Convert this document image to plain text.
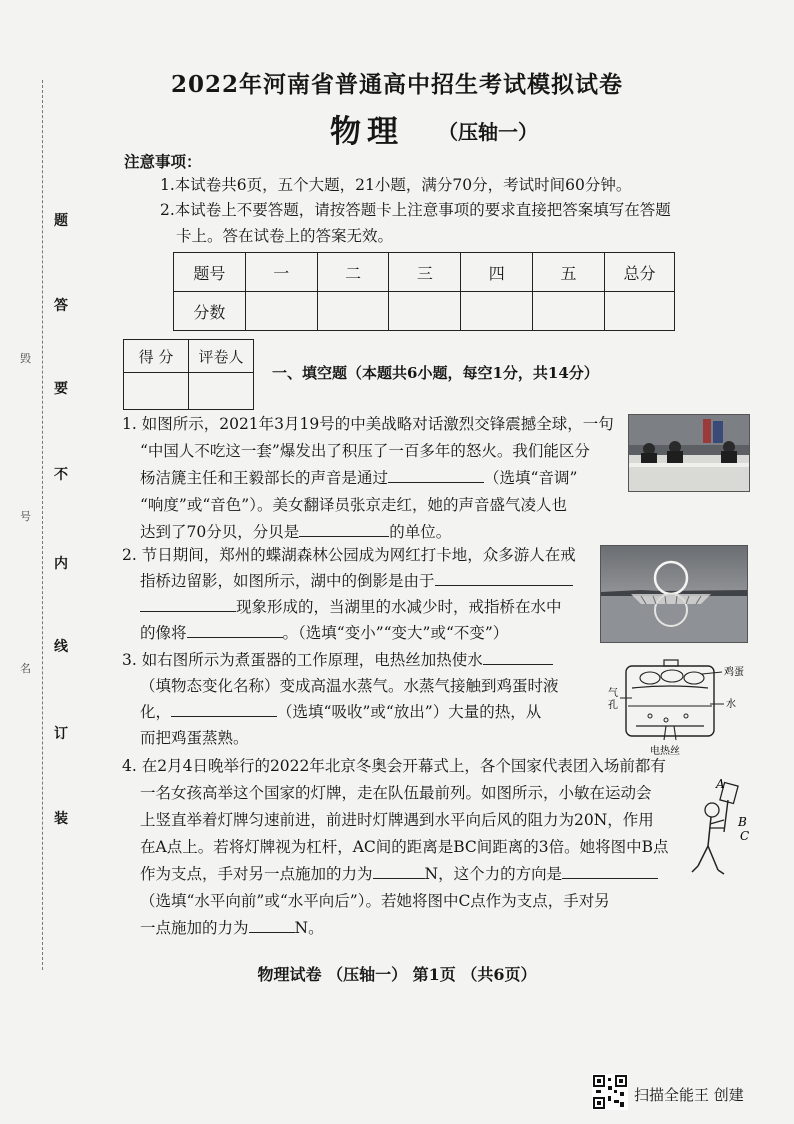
题
答
要
不
内
线
订
装
毁
号
名
2022年河南省普通高中招生考试模拟试卷
物理 （压轴一）
注意事项：
1.本试卷共6页，五个大题，21小题，满分70分，考试时间60分钟。
2.本试卷上不要答题，请按答题卡上注意事项的要求直接把答案填写在答题
卡上。答在试卷上的答案无效。
题号	一	二	三	四	五	总分
分数						
得 分	评卷人

一、填空题（本题共6小题，每空1分，共14分）
1. 如图所示，2021年3月19号的中美战略对话激烈交锋震撼全球，一句
“中国人不吃这一套”爆发出了积压了一百多年的怒火。我们能区分
杨洁篪主任和王毅部长的声音是通过	（选填“音调”
“响度”或“音色”）。美女翻译员张京走红，她的声音盛气凌人也
达到了70分贝，分贝是	的单位。
2. 节日期间，郑州的蝶湖森林公园成为网红打卡地，众多游人在戒
指桥边留影，如图所示，湖中的倒影是由于
现象形成的，当湖里的水减少时，戒指桥在水中
的像将	。（选填“变小”“变大”或“不变”）
3. 如右图所示为煮蛋器的工作原理，电热丝加热使水
（填物态变化名称）变成高温水蒸气。水蒸气接触到鸡蛋时液
化，	（选填“吸收”或“放出”）大量的热，从
而把鸡蛋蒸熟。
鸡蛋
水
电热丝
气
孔
4. 在2月4日晚举行的2022年北京冬奥会开幕式上，各个国家代表团入场前都有
一名女孩高举这个国家的灯牌，走在队伍最前列。如图所示，小敏在运动会
上竖直举着灯牌匀速前进，前进时灯牌遇到水平向后风的阻力为20N，作用
在A点上。若将灯牌视为杠杆，AC间的距离是BC间距离的3倍。她将图中B点
作为支点，手对另一点施加的力为	N，这个力的方向是
（选填“水平向前”或“水平向后”）。若她将图中C点作为支点，手对另
一点施加的力为	N。
A
B
C
物理试卷 （压轴一） 第1页 （共6页）
扫描全能王 创建
